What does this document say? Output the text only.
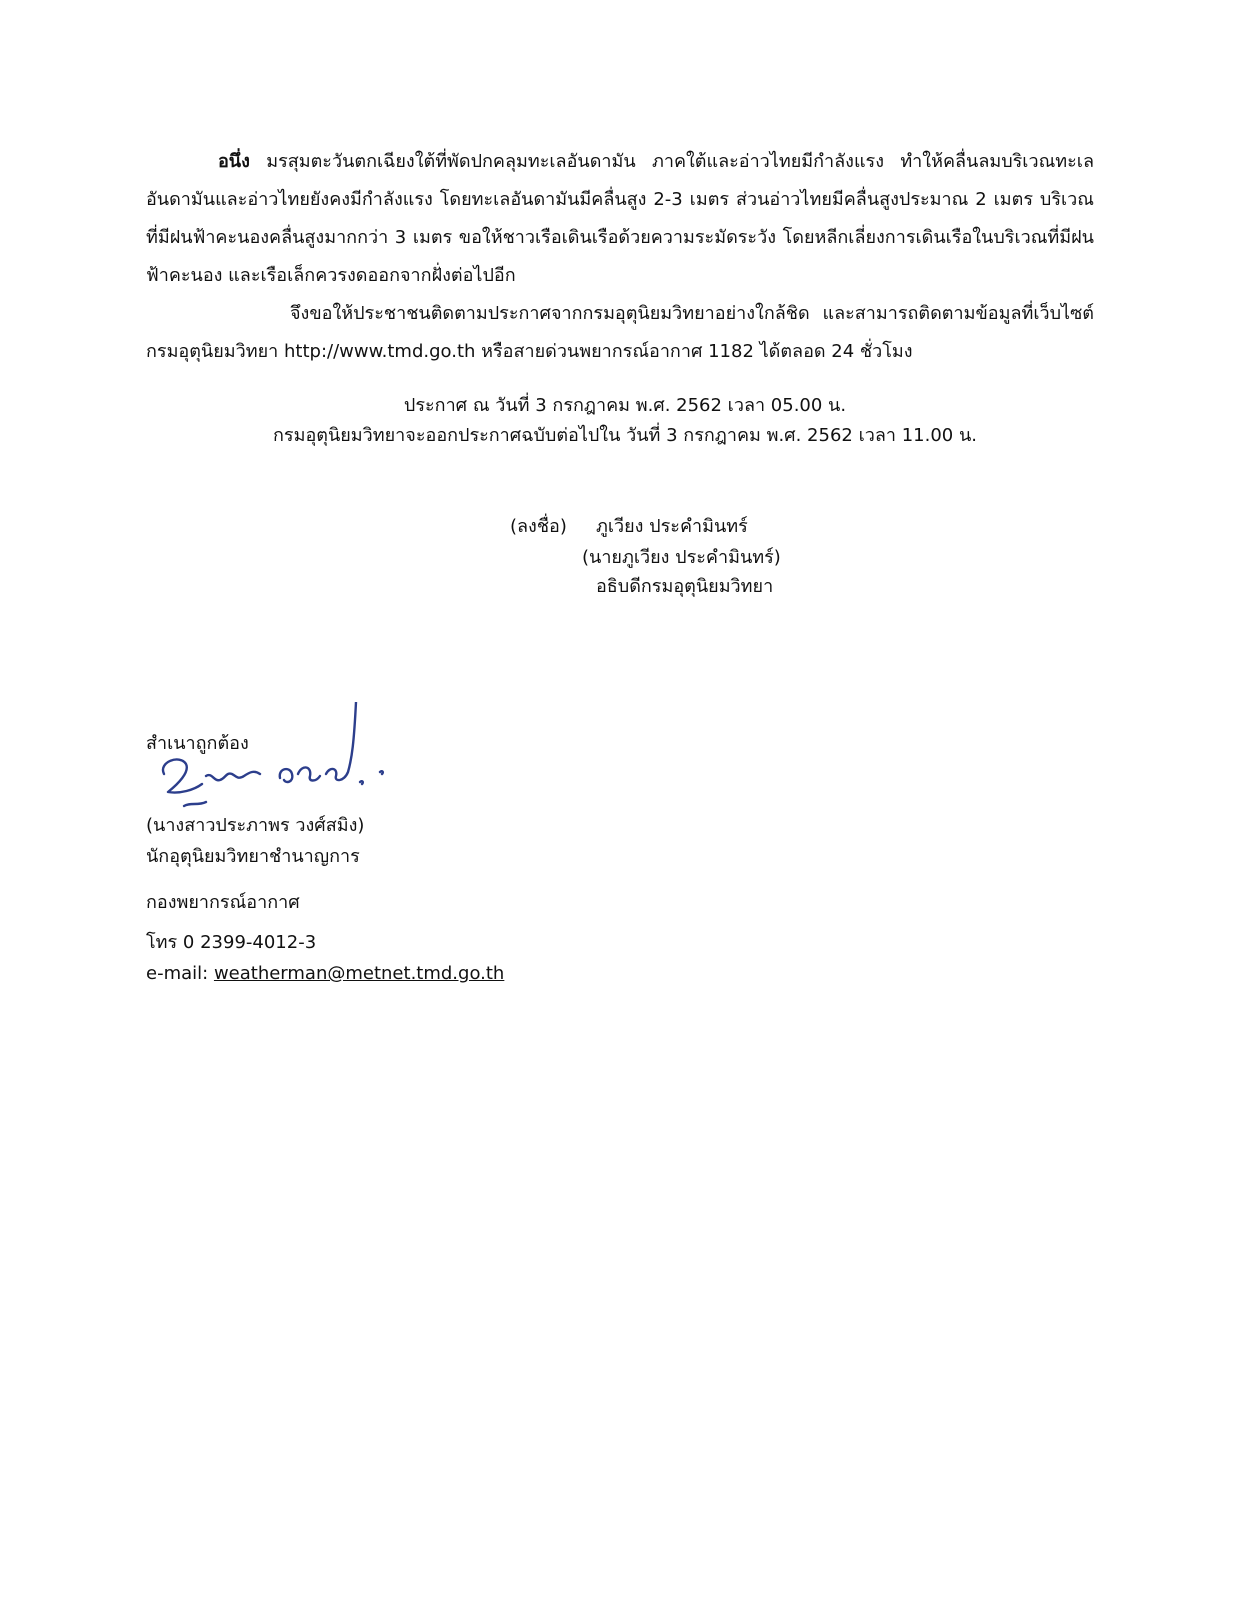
อนึ่ง มรสุมตะวันตกเฉียงใต้ที่พัดปกคลุมทะเลอันดามัน ภาคใต้และอ่าวไทยมีกำลังแรง ทำให้คลื่นลมบริเวณทะเลอันดามันและอ่าวไทยยังคงมีกำลังแรง โดยทะเลอันดามันมีคลื่นสูง 2-3 เมตร ส่วนอ่าวไทยมีคลื่นสูงประมาณ 2 เมตร บริเวณที่มีฝนฟ้าคะนองคลื่นสูงมากกว่า 3 เมตร ขอให้ชาวเรือเดินเรือด้วยความระมัดระวัง โดยหลีกเลี่ยงการเดินเรือในบริเวณที่มีฝนฟ้าคะนอง และเรือเล็กควรงดออกจากฝั่งต่อไปอีก

จึงขอให้ประชาชนติดตามประกาศจากกรมอุตุนิยมวิทยาอย่างใกล้ชิด และสามารถติดตามข้อมูลที่เว็บไซต์กรมอุตุนิยมวิทยา http://www.tmd.go.th หรือสายด่วนพยากรณ์อากาศ 1182 ได้ตลอด 24 ชั่วโมง

ประกาศ ณ วันที่ 3 กรกฎาคม พ.ศ. 2562 เวลา 05.00 น.

กรมอุตุนิยมวิทยาจะออกประกาศฉบับต่อไปใน วันที่ 3 กรกฎาคม พ.ศ. 2562 เวลา 11.00 น.

(ลงชื่อ) ภูเวียง ประคำมินทร์

(นายภูเวียง ประคำมินทร์)

อธิบดีกรมอุตุนิยมวิทยา

สำเนาถูกต้อง

(นางสาวประภาพร วงศ์สมิง)

นักอุตุนิยมวิทยาชำนาญการ

กองพยากรณ์อากาศ

โทร 0 2399-4012-3

e-mail: weatherman@metnet.tmd.go.th
